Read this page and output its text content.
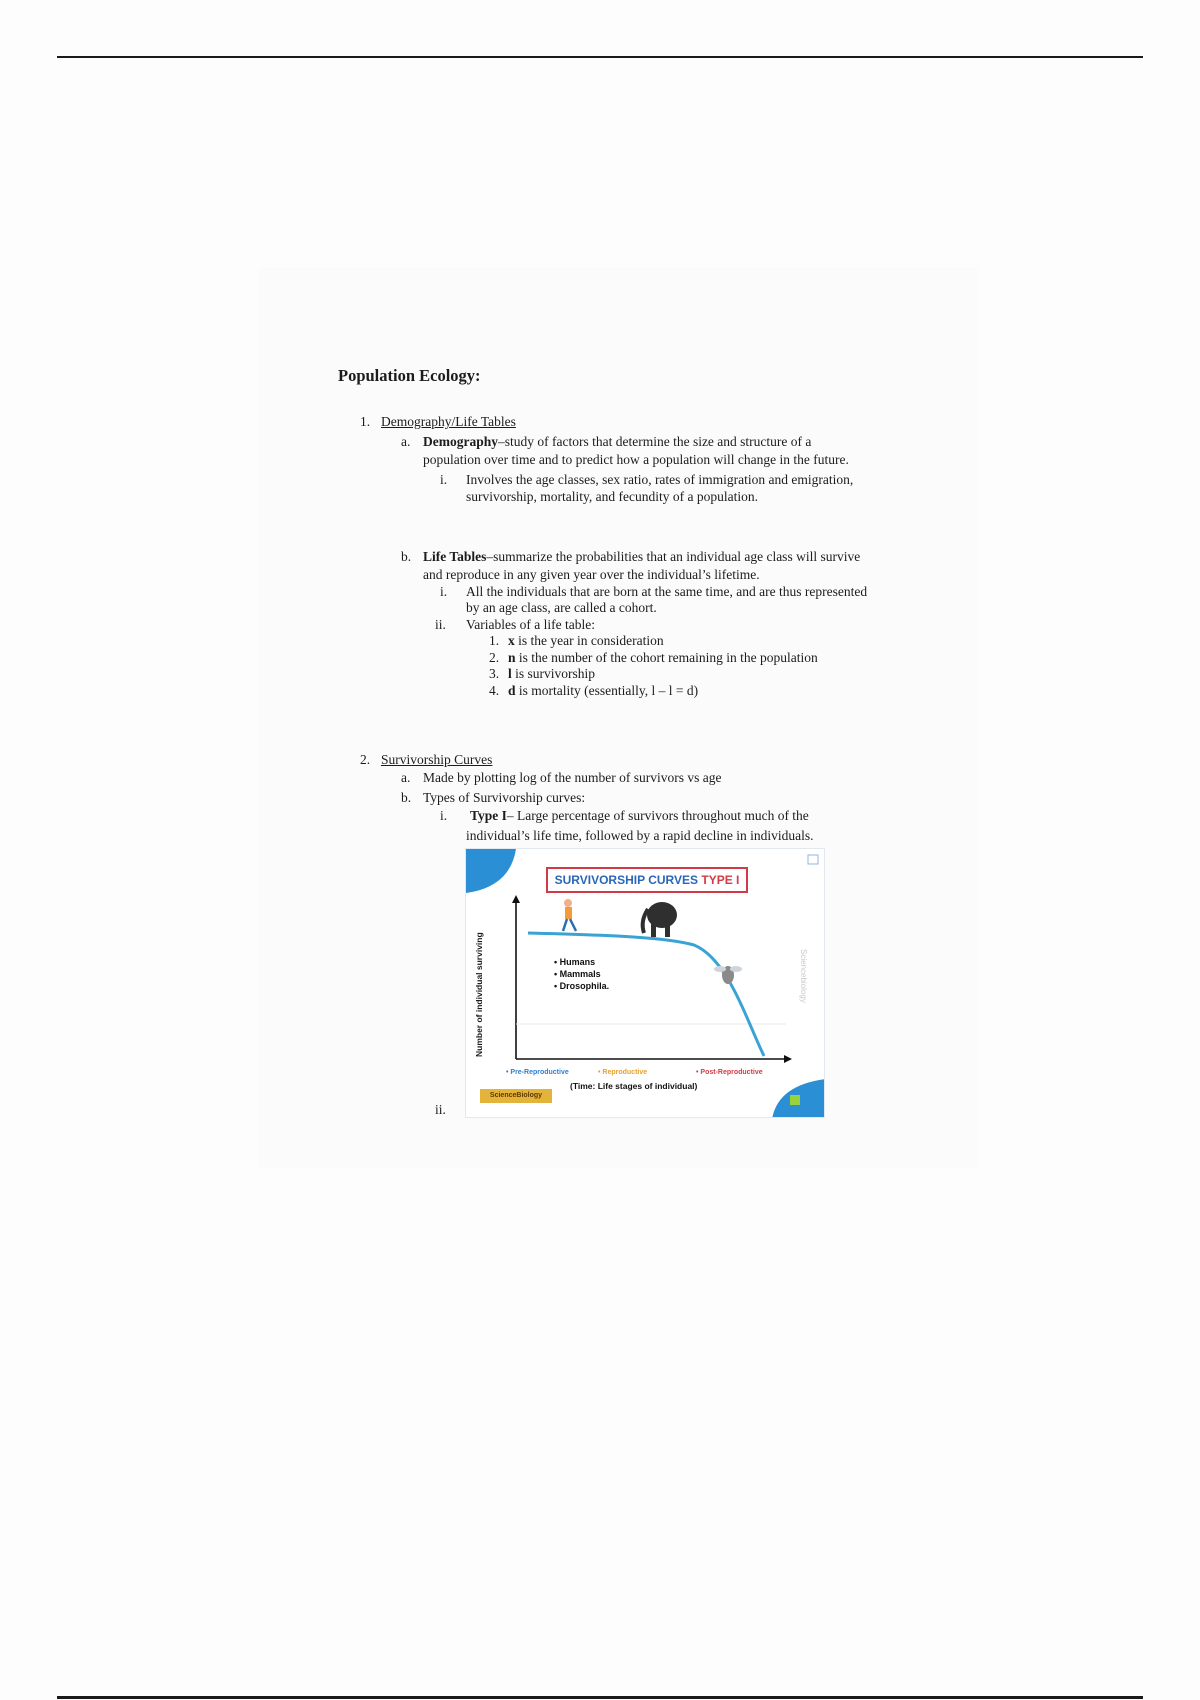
Population Ecology:
1. Demography/Life Tables
a. Demography–study of factors that determine the size and structure of a
population over time and to predict how a population will change in the future.
i. Involves the age classes, sex ratio, rates of immigration and emigration,
survivorship, mortality, and fecundity of a population.
b. Life Tables–summarize the probabilities that an individual age class will survive
and reproduce in any given year over the individual’s lifetime.
i. All the individuals that are born at the same time, and are thus represented
by an age class, are called a cohort.
ii. Variables of a life table:
1. x is the year in consideration
2. n is the number of the cohort remaining in the population
3. l is survivorship
4. d is mortality (essentially, l – l = d)
2. Survivorship Curves
a. Made by plotting log of the number of survivors vs age
b. Types of Survivorship curves:
i. Type I– Large percentage of survivors throughout much of the
individual’s life time, followed by a rapid decline in individuals.
SURVIVORSHIP CURVES TYPE I
Number of individual surviving	• Humans
• Mammals
• Drosophila.
• Pre-Reproductive	• Reproductive	• Post-Reproductive
(Time: Life stages of individual)
Sciencebiology
ScienceBiology
ii.
